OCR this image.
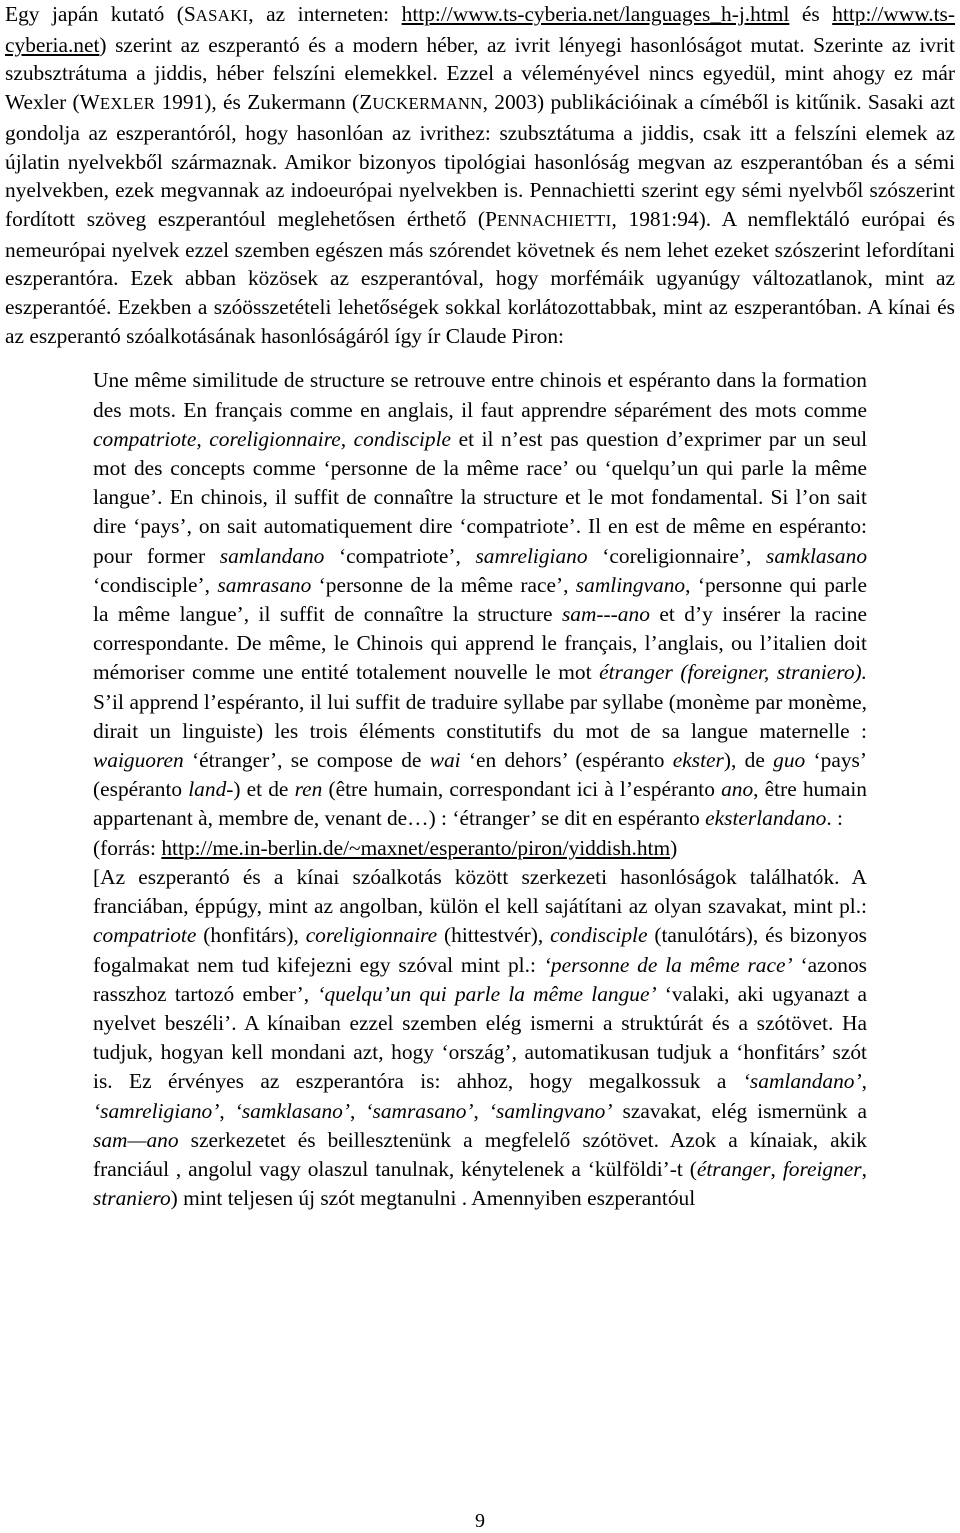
Egy japán kutató (SASAKI, az interneten: http://www.ts-cyberia.net/languages_h-j.html és http://www.ts-cyberia.net) szerint az eszperantó és a modern héber, az ivrit lényegi hasonlóságot mutat. Szerinte az ivrit szubsztrátuma a jiddis, héber felszíni elemekkel. Ezzel a véleményével nincs egyedül, mint ahogy ez már Wexler (WEXLER 1991), és Zukermann (ZUCKERMANN, 2003) publikációinak a címéből is kitűnik. Sasaki azt gondolja az eszperantóról, hogy hasonlóan az ivrithez: szubsztátuma a jiddis, csak itt a felszíni elemek az újlatin nyelvekből származnak. Amikor bizonyos tipológiai hasonlóság megvan az eszperantóban és a sémi nyelvekben, ezek megvannak az indoeurópai nyelvekben is. Pennachietti szerint egy sémi nyelvből szószerint fordított szöveg eszperantóul meglehetősen érthető (PENNACHIETTI, 1981:94). A nemflektáló európai és nemeurópai nyelvek ezzel szemben egészen más szórendet követnek és nem lehet ezeket szószerint lefordítani eszperantóra. Ezek abban közösek az eszperantóval, hogy morfémáik ugyanúgy változatlanok, mint az eszperantóé. Ezekben a szóösszetételi lehetőségek sokkal korlátozottabbak, mint az eszperantóban. A kínai és az eszperantó szóalkotásának hasonlóságáról így ír Claude Piron:

Une même similitude de structure se retrouve entre chinois et espéranto dans la formation des mots. En français comme en anglais, il faut apprendre séparément des mots comme compatriote, coreligionnaire, condisciple et il n’est pas question d’exprimer par un seul mot des concepts comme ‘personne de la même race’ ou ‘quelqu’un qui parle la même langue’. En chinois, il suffit de connaître la structure et le mot fondamental. Si l’on sait dire ‘pays’, on sait automatiquement dire ‘compatriote’. Il en est de même en espéranto: pour former samlandano ‘compatriote’, samreligiano ‘coreligionnaire’, samklasano ‘condisciple’, samrasano ‘personne de la même race’, samlingvano, ‘personne qui parle la même langue’, il suffit de connaître la structure sam---ano et d’y insérer la racine correspondante. De même, le Chinois qui apprend le français, l’anglais, ou l’italien doit mémoriser comme une entité totalement nouvelle le mot étranger (foreigner, straniero). S’il apprend l’espéranto, il lui suffit de traduire syllabe par syllabe (monème par monème, dirait un linguiste) les trois éléments constitutifs du mot de sa langue maternelle : waiguoren ‘étranger’, se compose de wai ‘en dehors’ (espéranto ekster), de guo ‘pays’ (espéranto land-) et de ren (être humain, correspondant ici à l’espéranto ano, être humain appartenant à, membre de, venant de…) : ‘étranger’ se dit en espéranto eksterlandano. :

(forrás: http://me.in-berlin.de/~maxnet/esperanto/piron/yiddish.htm)

[Az eszperantó és a kínai szóalkotás között szerkezeti hasonlóságok találhatók. A franciában, éppúgy, mint az angolban, külön el kell sajátítani az olyan szavakat, mint pl.: compatriote (honfitárs), coreligionnaire (hittestvér), condisciple (tanulótárs), és bizonyos fogalmakat nem tud kifejezni egy szóval mint pl.: ‘personne de la même race’ ‘azonos rasszhoz tartozó ember’, ‘quelqu’un qui parle la même langue’ ‘valaki, aki ugyanazt a nyelvet beszéli’. A kínaiban ezzel szemben elég ismerni a struktúrát és a szótövet. Ha tudjuk, hogyan kell mondani azt, hogy ‘ország’, automatikusan tudjuk a ‘honfitárs’ szót is. Ez érvényes az eszperantóra is: ahhoz, hogy megalkossuk a ‘samlandano’, ‘samreligiano’, ‘samklasano’, ‘samrasano’, ‘samlingvano’ szavakat, elég ismernünk a sam—ano szerkezetet és beillesztenünk a megfelelő szótövet. Azok a kínaiak, akik franciául , angolul vagy olaszul tanulnak, kénytelenek a ‘külföldi’-t (étranger, foreigner, straniero) mint teljesen új szót megtanulni . Amennyiben eszperantóul

9
